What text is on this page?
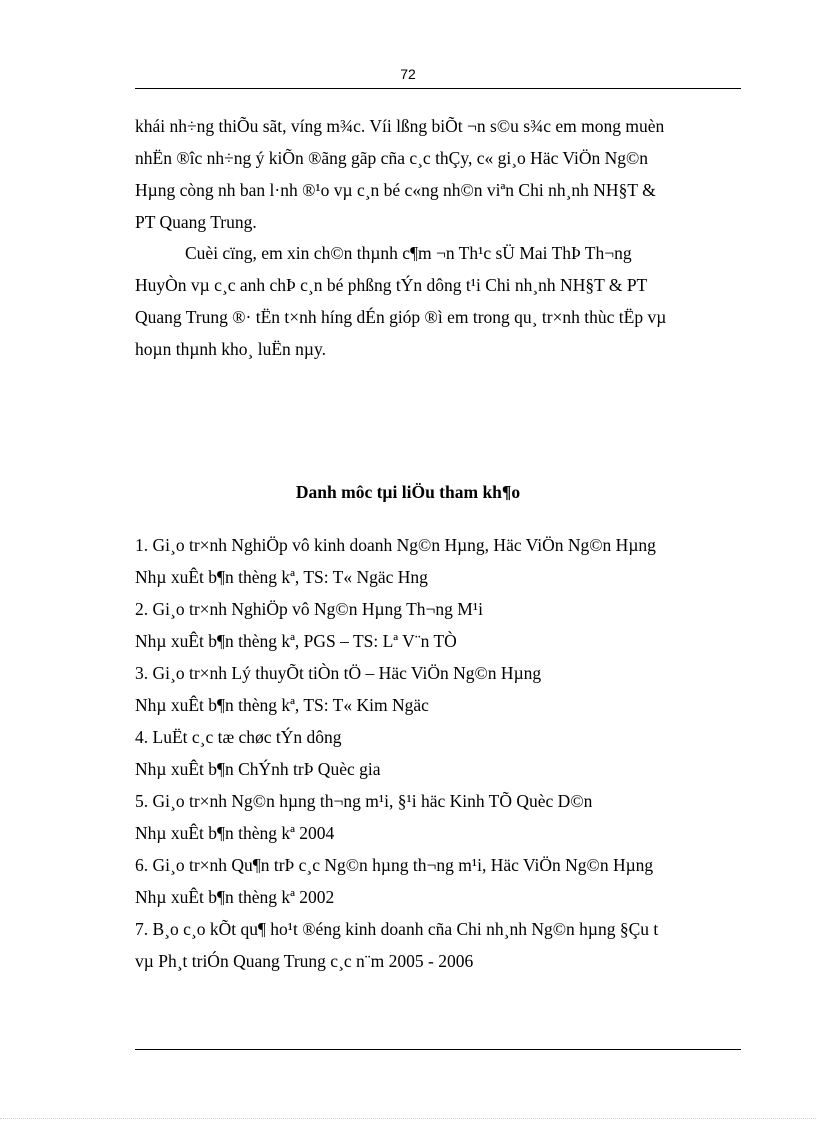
72
khái nh÷ng thiÕu sãt, víng m¾c. Víi lßng biÕt ¬n s©u s¾c em mong muèn
nhËn ®îc nh÷ng ý kiÕn ®ãng gãp cña c¸c thÇy, c« gi¸o Häc ViÖn Ng©n
Hµng còng nh ban l·nh ®¹o vµ c¸n bé c«ng nh©n viªn Chi nh¸nh NH§T &
PT Quang Trung.
Cuèi cïng, em xin ch©n thµnh c¶m ¬n Th¹c sÜ Mai ThÞ Th¬ng
HuyÒn vµ c¸c anh chÞ c¸n bé phßng tÝn dông t¹i Chi nh¸nh NH§T & PT
Quang Trung ®· tËn t×nh híng dÉn gióp ®ì em trong qu¸ tr×nh thùc tËp vµ
hoµn thµnh kho¸ luËn nµy.
Danh môc tµi liÖu tham kh¶o
1. Gi¸o tr×nh NghiÖp vô kinh doanh Ng©n Hµng, Häc ViÖn Ng©n Hµng
Nhµ xuÊt b¶n thèng kª, TS: T« Ngäc Hng
2. Gi¸o tr×nh NghiÖp vô Ng©n Hµng Th¬ng M¹i
Nhµ xuÊt b¶n thèng kª, PGS – TS: Lª V¨n TÒ
3. Gi¸o tr×nh Lý thuyÕt tiÒn tÖ – Häc ViÖn Ng©n Hµng
Nhµ xuÊt b¶n thèng kª, TS: T« Kim Ngäc
4. LuËt c¸c tæ chøc tÝn dông
Nhµ xuÊt b¶n ChÝnh trÞ Quèc gia
5. Gi¸o tr×nh Ng©n hµng th¬ng m¹i, §¹i häc Kinh TÕ Quèc D©n
Nhµ xuÊt b¶n thèng kª 2004
6. Gi¸o tr×nh Qu¶n trÞ c¸c Ng©n hµng th¬ng m¹i, Häc ViÖn Ng©n Hµng
Nhµ xuÊt b¶n thèng kª 2002
7. B¸o c¸o kÕt qu¶ ho¹t ®éng kinh doanh cña Chi nh¸nh Ng©n hµng §Çu t
vµ Ph¸t triÓn Quang Trung c¸c n¨m 2005 - 2006
